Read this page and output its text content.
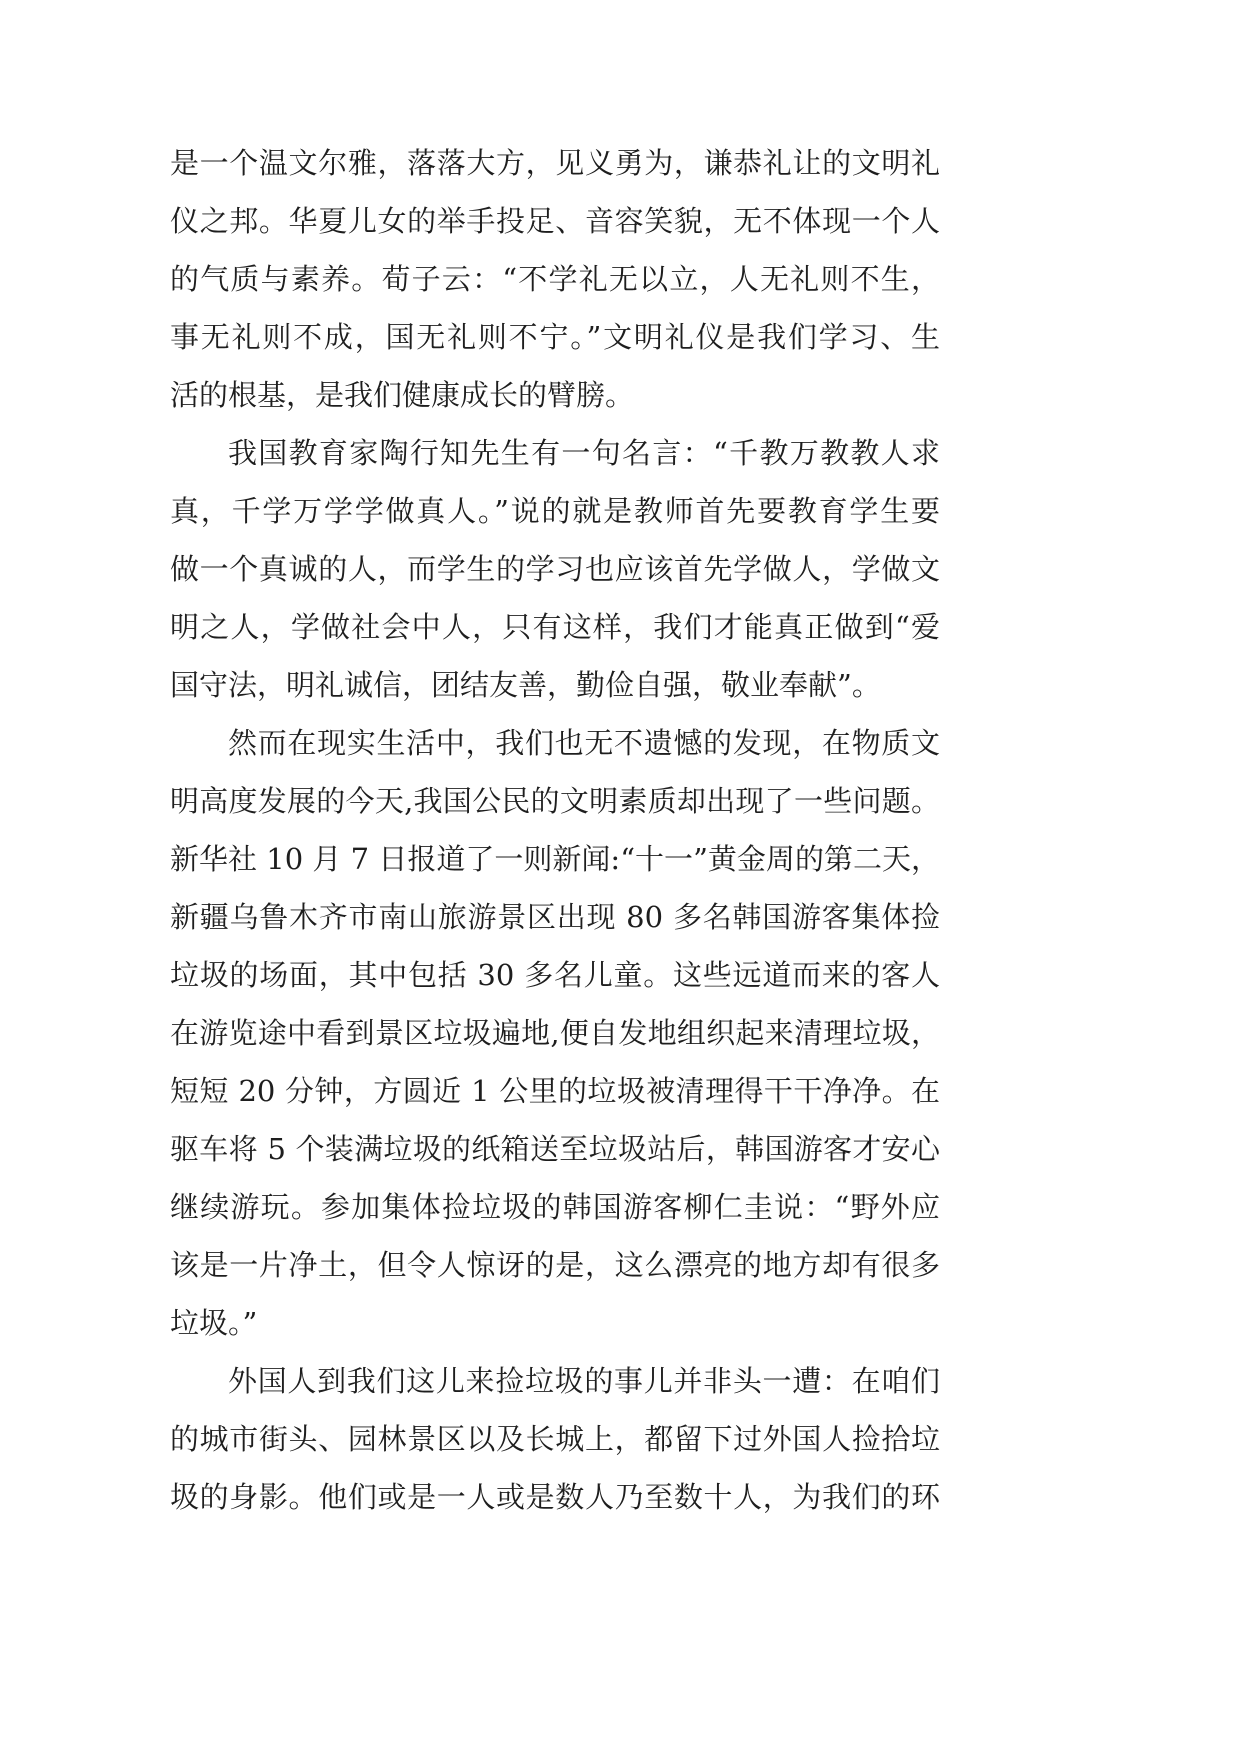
是一个温文尔雅，落落大方，见义勇为，谦恭礼让的文明礼
仪之邦。华夏儿女的举手投足、音容笑貌，无不体现一个人
的气质与素养。荀子云：“不学礼无以立，人无礼则不生，
事无礼则不成，国无礼则不宁。”文明礼仪是我们学习、生
活的根基，是我们健康成长的臂膀。
我国教育家陶行知先生有一句名言：“千教万教教人求
真，千学万学学做真人。”说的就是教师首先要教育学生要
做一个真诚的人，而学生的学习也应该首先学做人，学做文
明之人，学做社会中人，只有这样，我们才能真正做到“爱
国守法，明礼诚信，团结友善，勤俭自强，敬业奉献”。
然而在现实生活中，我们也无不遗憾的发现，在物质文
明高度发展的今天,我国公民的文明素质却出现了一些问题。
新华社 10 月 7 日报道了一则新闻:“十一”黄金周的第二天，
新疆乌鲁木齐市南山旅游景区出现 80 多名韩国游客集体捡
垃圾的场面，其中包括 30 多名儿童。这些远道而来的客人
在游览途中看到景区垃圾遍地,便自发地组织起来清理垃圾，
短短 20 分钟，方圆近 1 公里的垃圾被清理得干干净净。在
驱车将 5 个装满垃圾的纸箱送至垃圾站后，韩国游客才安心
继续游玩。参加集体捡垃圾的韩国游客柳仁圭说：“野外应
该是一片净土，但令人惊讶的是，这么漂亮的地方却有很多
垃圾。”
外国人到我们这儿来捡垃圾的事儿并非头一遭：在咱们
的城市街头、园林景区以及长城上，都留下过外国人捡拾垃
圾的身影。他们或是一人或是数人乃至数十人，为我们的环
